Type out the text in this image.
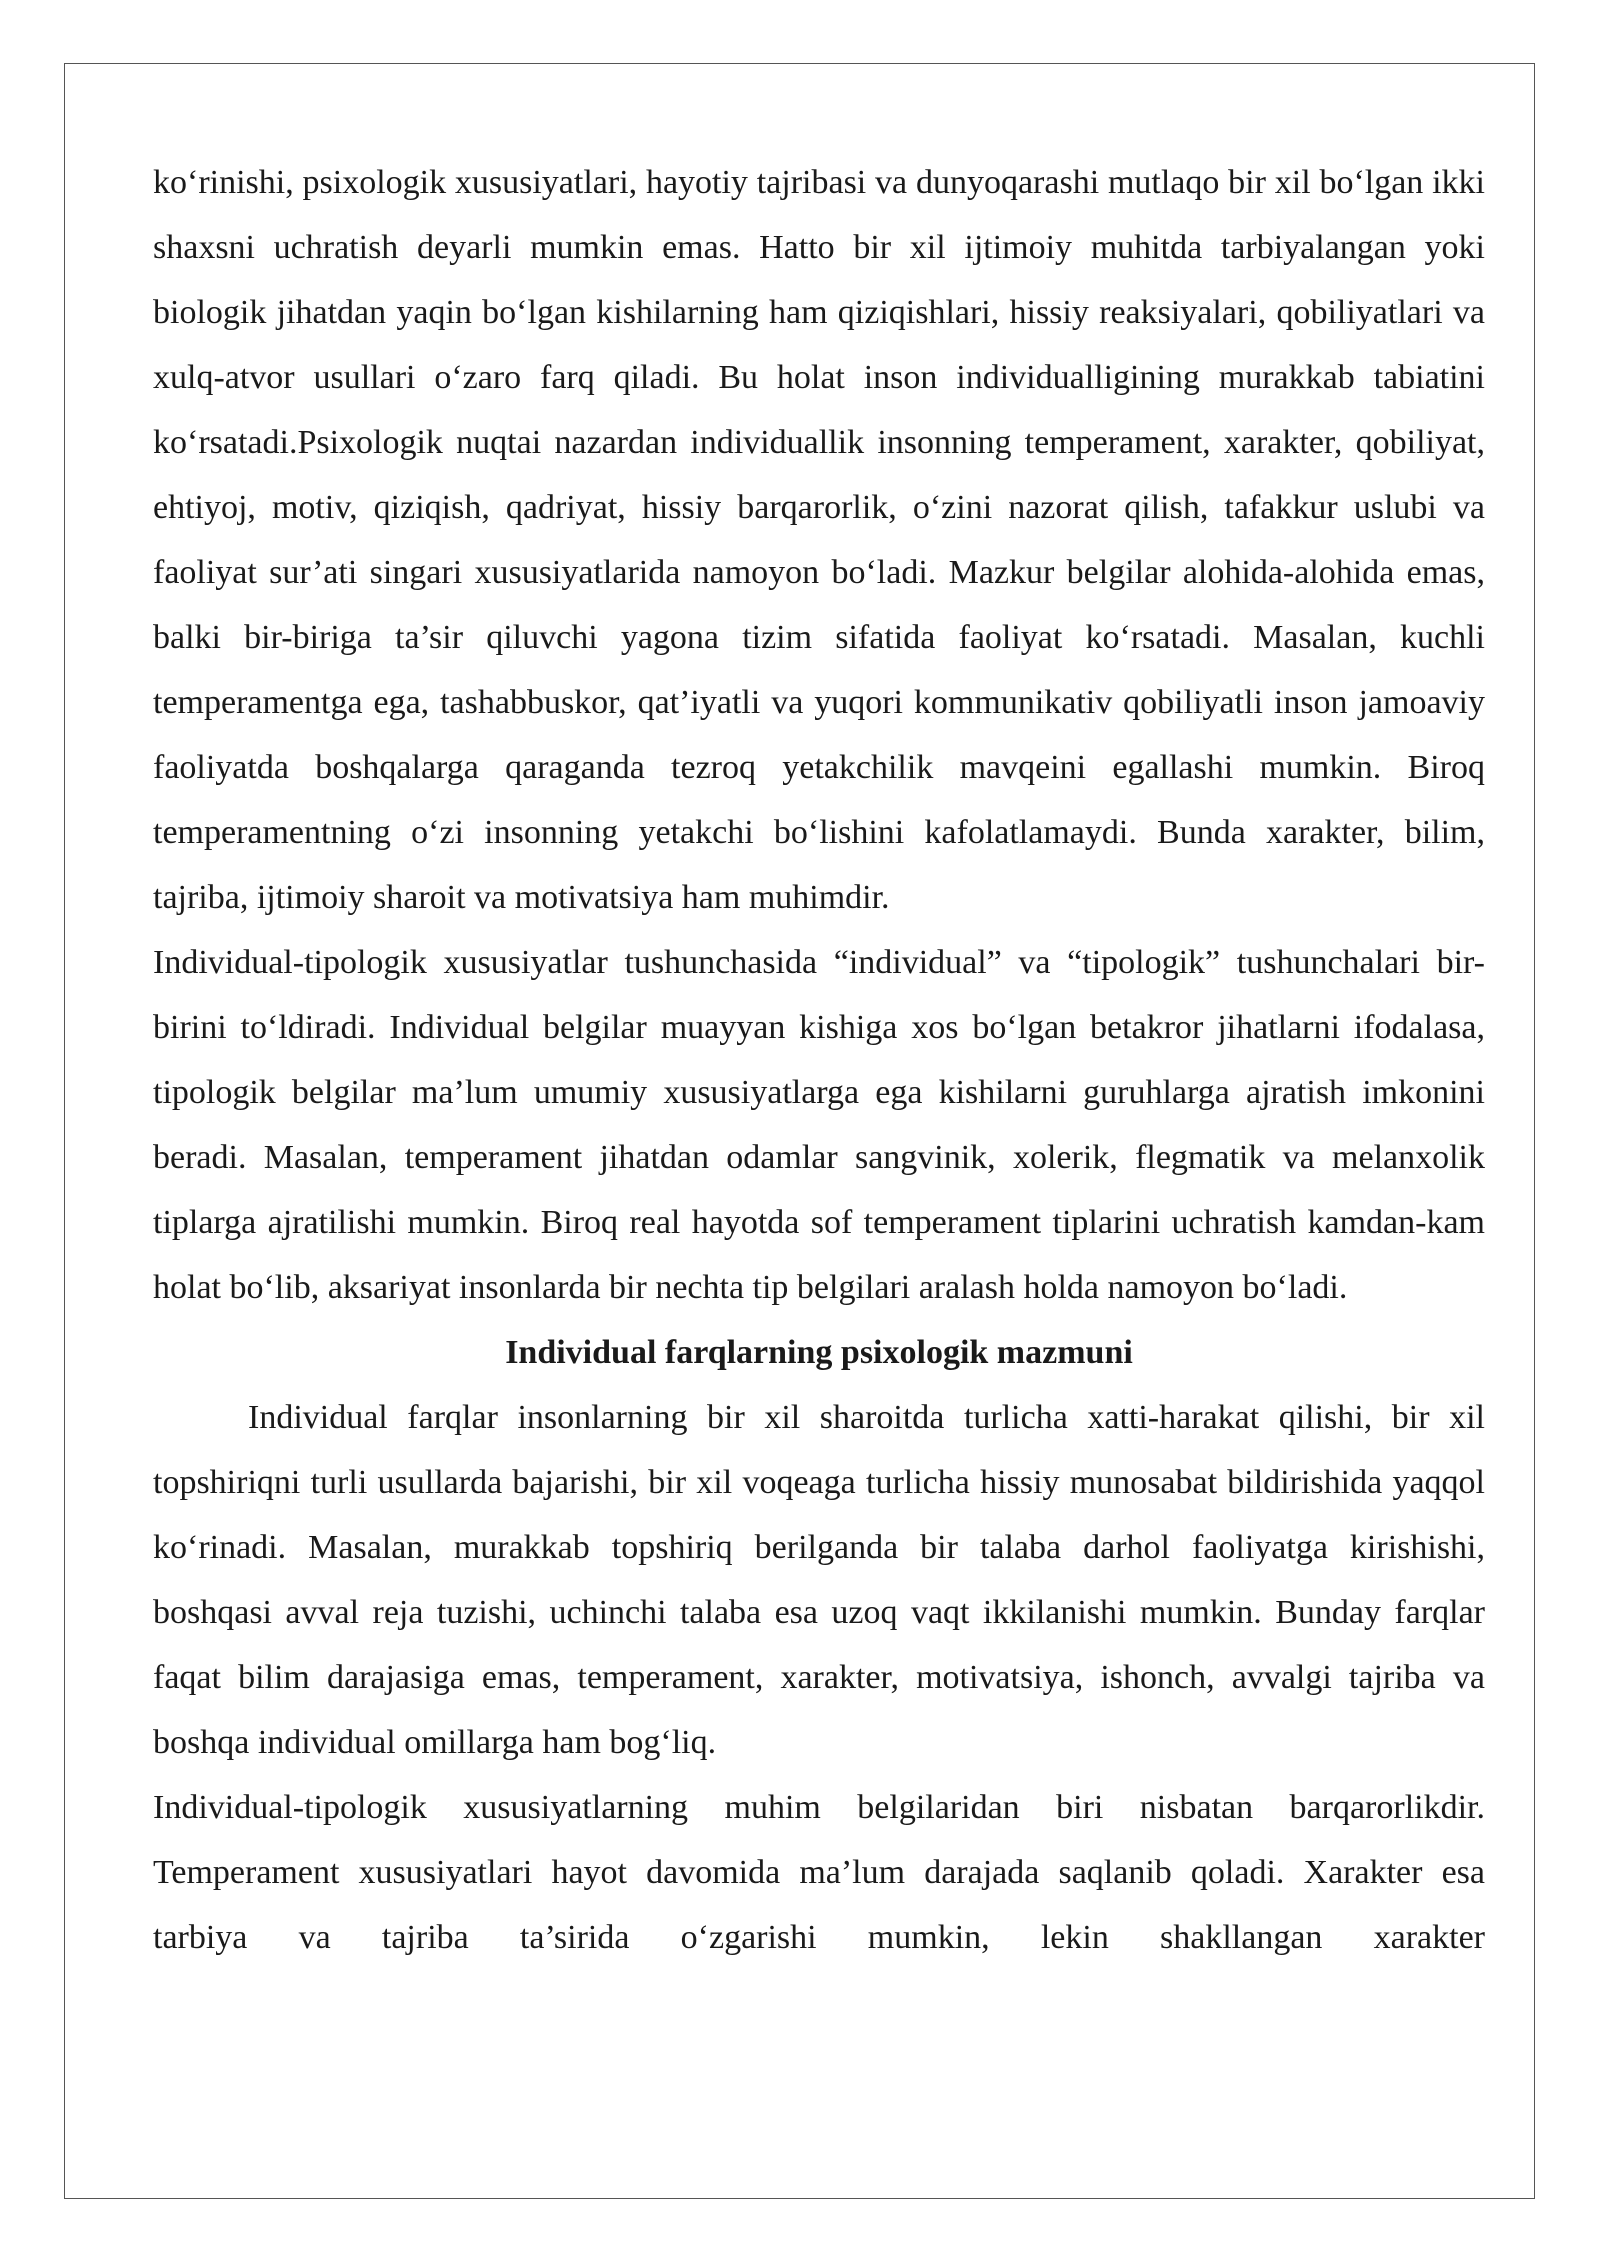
ko‘rinishi, psixologik xususiyatlari, hayotiy tajribasi va dunyoqarashi mutlaqo bir xil bo‘lgan ikki shaxsni uchratish deyarli mumkin emas. Hatto bir xil ijtimoiy muhitda tarbiyalangan yoki biologik jihatdan yaqin bo‘lgan kishilarning ham qiziqishlari, hissiy reaksiyalari, qobiliyatlari va xulq-atvor usullari o‘zaro farq qiladi. Bu holat inson individualligining murakkab tabiatini ko‘rsatadi.Psixologik nuqtai nazardan individuallik insonning temperament, xarakter, qobiliyat, ehtiyoj, motiv, qiziqish, qadriyat, hissiy barqarorlik, o‘zini nazorat qilish, tafakkur uslubi va faoliyat sur’ati singari xususiyatlarida namoyon bo‘ladi. Mazkur belgilar alohida-alohida emas, balki bir-biriga ta’sir qiluvchi yagona tizim sifatida faoliyat ko‘rsatadi. Masalan, kuchli temperamentga ega, tashabbuskor, qat’iyatli va yuqori kommunikativ qobiliyatli inson jamoaviy faoliyatda boshqalarga qaraganda tezroq yetakchilik mavqeini egallashi mumkin. Biroq temperamentning o‘zi insonning yetakchi bo‘lishini kafolatlamaydi. Bunda xarakter, bilim, tajriba, ijtimoiy sharoit va motivatsiya ham muhimdir.

Individual-tipologik xususiyatlar tushunchasida “individual” va “tipologik” tushunchalari bir-birini to‘ldiradi. Individual belgilar muayyan kishiga xos bo‘lgan betakror jihatlarni ifodalasa, tipologik belgilar ma’lum umumiy xususiyatlarga ega kishilarni guruhlarga ajratish imkonini beradi. Masalan, temperament jihatdan odamlar sangvinik, xolerik, flegmatik va melanxolik tiplarga ajratilishi mumkin. Biroq real hayotda sof temperament tiplarini uchratish kamdan-kam holat bo‘lib, aksariyat insonlarda bir nechta tip belgilari aralash holda namoyon bo‘ladi.

Individual farqlarning psixologik mazmuni

Individual farqlar insonlarning bir xil sharoitda turlicha xatti-harakat qilishi, bir xil topshiriqni turli usullarda bajarishi, bir xil voqeaga turlicha hissiy munosabat bildirishida yaqqol ko‘rinadi. Masalan, murakkab topshiriq berilganda bir talaba darhol faoliyatga kirishishi, boshqasi avval reja tuzishi, uchinchi talaba esa uzoq vaqt ikkilanishi mumkin. Bunday farqlar faqat bilim darajasiga emas, temperament, xarakter, motivatsiya, ishonch, avvalgi tajriba va boshqa individual omillarga ham bog‘liq.

Individual-tipologik xususiyatlarning muhim belgilaridan biri nisbatan barqarorlikdir. Temperament xususiyatlari hayot davomida ma’lum darajada saqlanib qoladi. Xarakter esa tarbiya va tajriba ta’sirida o‘zgarishi mumkin, lekin shakllangan xarakter
